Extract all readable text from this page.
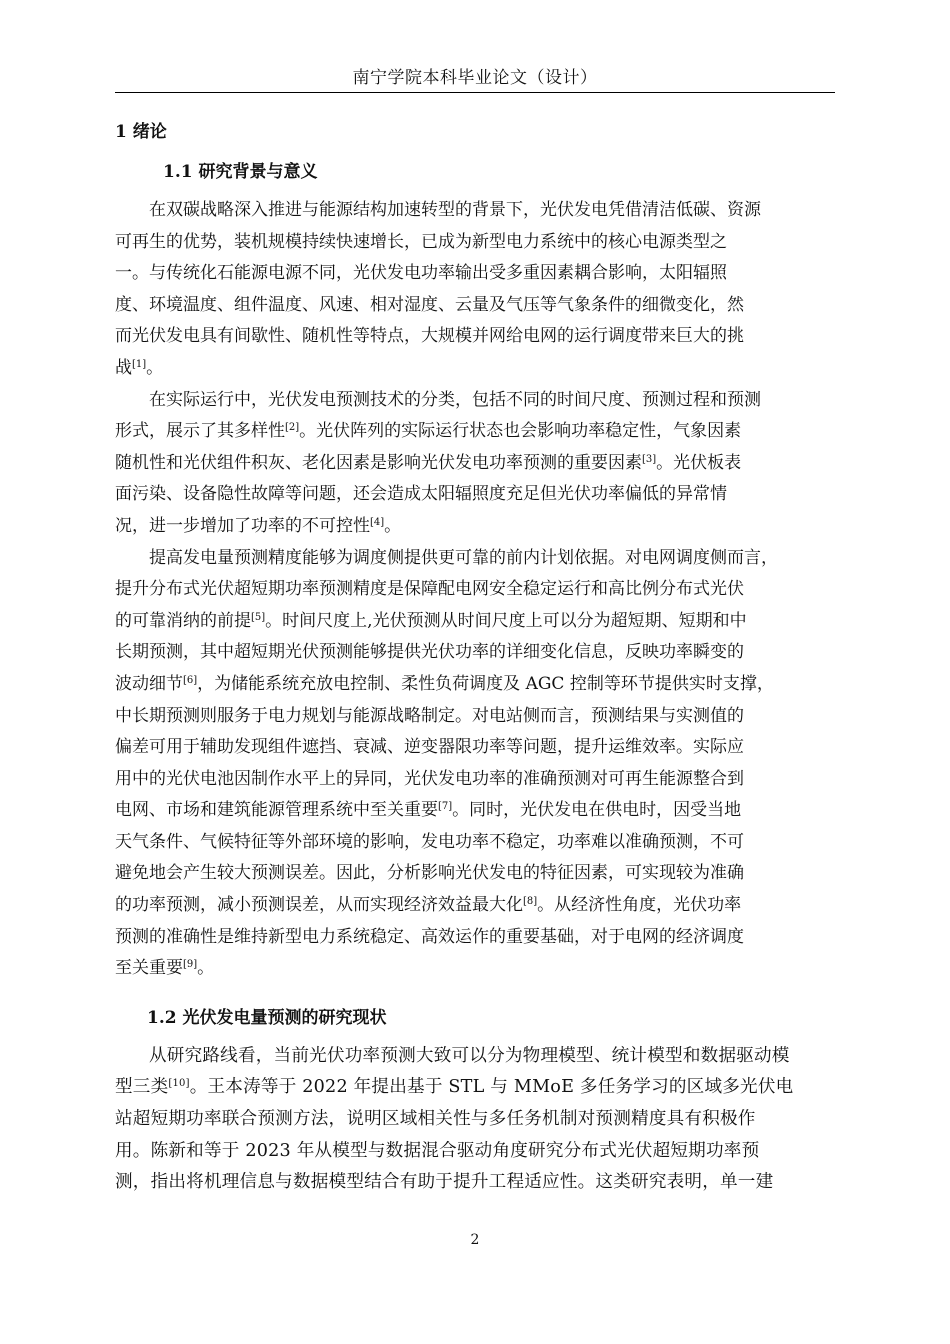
南宁学院本科毕业论文（设计）
1 绪论
1.1 研究背景与意义
在双碳战略深入推进与能源结构加速转型的背景下，光伏发电凭借清洁低碳、资源
可再生的优势，装机规模持续快速增长，已成为新型电力系统中的核心电源类型之
一。与传统化石能源电源不同，光伏发电功率输出受多重因素耦合影响，太阳辐照
度、环境温度、组件温度、风速、相对湿度、云量及气压等气象条件的细微变化，然
而光伏发电具有间歇性、随机性等特点，大规模并网给电网的运行调度带来巨大的挑
战[1]。
在实际运行中，光伏发电预测技术的分类，包括不同的时间尺度、预测过程和预测
形式，展示了其多样性[2]。光伏阵列的实际运行状态也会影响功率稳定性，气象因素
随机性和光伏组件积灰、老化因素是影响光伏发电功率预测的重要因素[3]。光伏板表
面污染、设备隐性故障等问题，还会造成太阳辐照度充足但光伏功率偏低的异常情
况，进一步增加了功率的不可控性[4]。
提高发电量预测精度能够为调度侧提供更可靠的前内计划依据。对电网调度侧而言，
提升分布式光伏超短期功率预测精度是保障配电网安全稳定运行和高比例分布式光伏
的可靠消纳的前提[5]。时间尺度上,光伏预测从时间尺度上可以分为超短期、短期和中
长期预测，其中超短期光伏预测能够提供光伏功率的详细变化信息，反映功率瞬变的
波动细节[6]，为储能系统充放电控制、柔性负荷调度及 AGC 控制等环节提供实时支撑，
中长期预测则服务于电力规划与能源战略制定。对电站侧而言，预测结果与实测值的
偏差可用于辅助发现组件遮挡、衰减、逆变器限功率等问题，提升运维效率。实际应
用中的光伏电池因制作水平上的异同，光伏发电功率的准确预测对可再生能源整合到
电网、市场和建筑能源管理系统中至关重要[7]。同时，光伏发电在供电时，因受当地
天气条件、气候特征等外部环境的影响，发电功率不稳定，功率难以准确预测，不可
避免地会产生较大预测误差。因此，分析影响光伏发电的特征因素，可实现较为准确
的功率预测，减小预测误差，从而实现经济效益最大化[8]。从经济性角度，光伏功率
预测的准确性是维持新型电力系统稳定、高效运作的重要基础，对于电网的经济调度
至关重要[9]。
1.2 光伏发电量预测的研究现状
从研究路线看，当前光伏功率预测大致可以分为物理模型、统计模型和数据驱动模
型三类[10]。王本涛等于 2022 年提出基于 STL 与 MMoE 多任务学习的区域多光伏电
站超短期功率联合预测方法，说明区域相关性与多任务机制对预测精度具有积极作
用。陈新和等于 2023 年从模型与数据混合驱动角度研究分布式光伏超短期功率预
测，指出将机理信息与数据模型结合有助于提升工程适应性。这类研究表明，单一建
2
